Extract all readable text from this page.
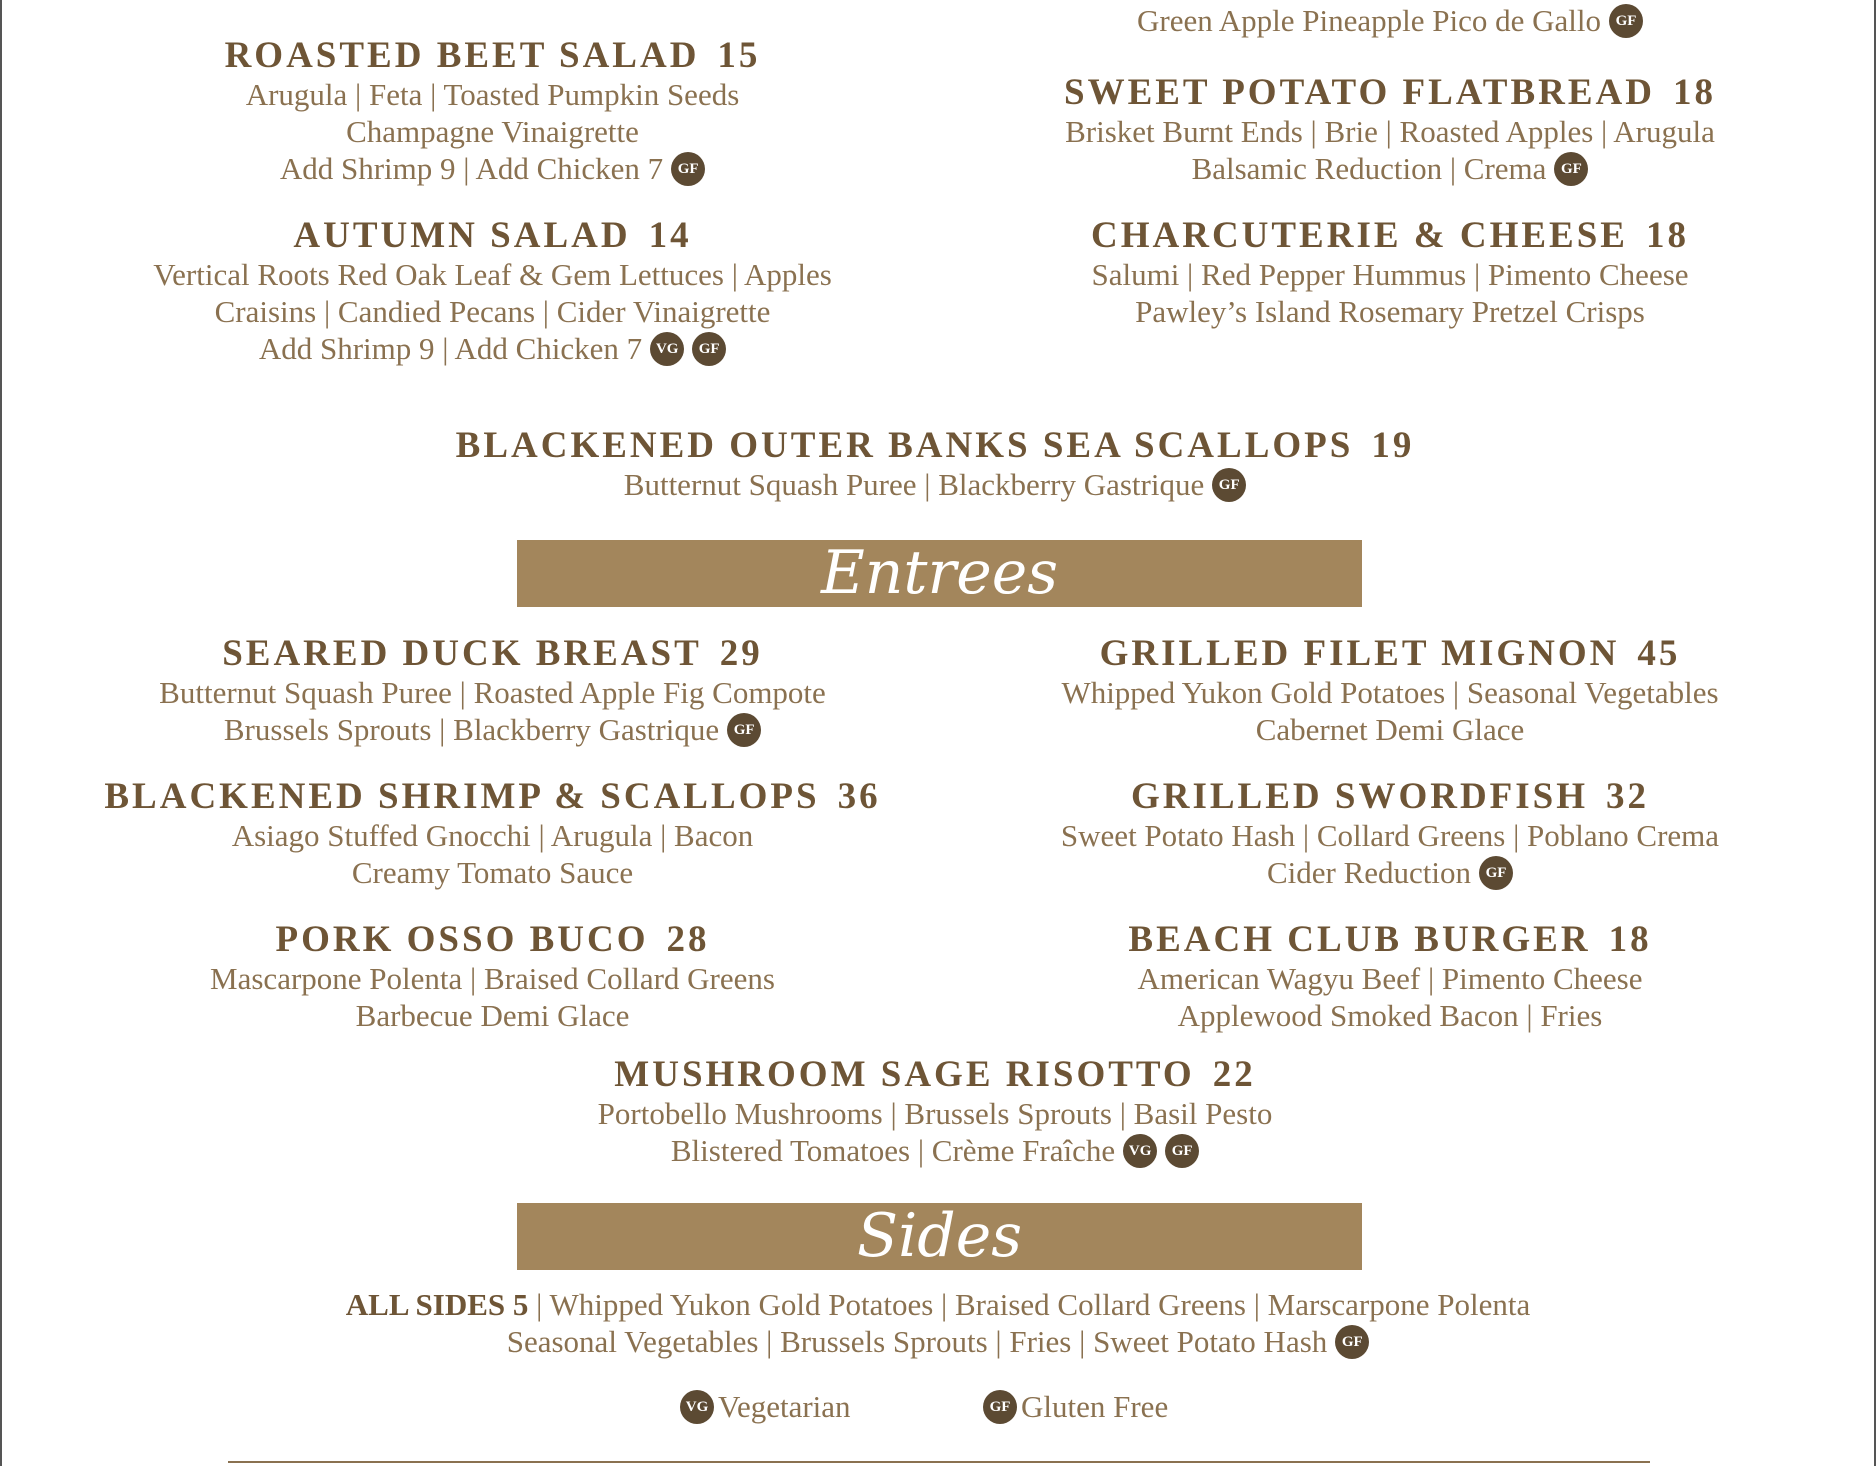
Green Apple Pineapple Pico de Gallo GF
ROASTED BEET SALAD 15
Arugula | Feta | Toasted Pumpkin Seeds
Champagne Vinaigrette
Add Shrimp 9 | Add Chicken 7 GF
AUTUMN SALAD 14
Vertical Roots Red Oak Leaf & Gem Lettuces | Apples
Craisins | Candied Pecans | Cider Vinaigrette
Add Shrimp 9 | Add Chicken 7 VG GF
SWEET POTATO FLATBREAD 18
Brisket Burnt Ends | Brie | Roasted Apples | Arugula
Balsamic Reduction | Crema GF
CHARCUTERIE & CHEESE 18
Salumi | Red Pepper Hummus | Pimento Cheese
Pawley’s Island Rosemary Pretzel Crisps
BLACKENED OUTER BANKS SEA SCALLOPS 19
Butternut Squash Puree | Blackberry Gastrique GF
Entrees
SEARED DUCK BREAST 29
Butternut Squash Puree | Roasted Apple Fig Compote
Brussels Sprouts | Blackberry Gastrique GF
GRILLED FILET MIGNON 45
Whipped Yukon Gold Potatoes | Seasonal Vegetables
Cabernet Demi Glace
BLACKENED SHRIMP & SCALLOPS 36
Asiago Stuffed Gnocchi | Arugula | Bacon
Creamy Tomato Sauce
GRILLED SWORDFISH 32
Sweet Potato Hash | Collard Greens | Poblano Crema
Cider Reduction GF
PORK OSSO BUCO 28
Mascarpone Polenta | Braised Collard Greens
Barbecue Demi Glace
BEACH CLUB BURGER 18
American Wagyu Beef | Pimento Cheese
Applewood Smoked Bacon | Fries
MUSHROOM SAGE RISOTTO 22
Portobello Mushrooms | Brussels Sprouts | Basil Pesto
Blistered Tomatoes | Crème Fraîche VG GF
Sides
ALL SIDES 5 | Whipped Yukon Gold Potatoes | Braised Collard Greens | Marscarpone Polenta
Seasonal Vegetables | Brussels Sprouts | Fries | Sweet Potato Hash GF
VG Vegetarian	GF Gluten Free
